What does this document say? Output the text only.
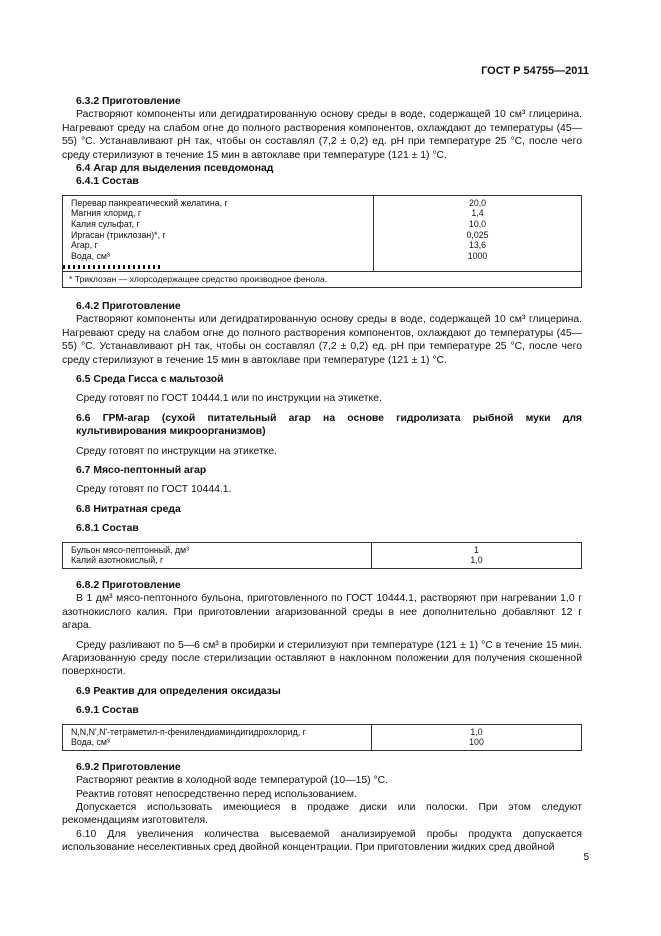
ГОСТ Р 54755—2011

6.3.2 Приготовление

Растворяют компоненты или дегидратированную основу среды в воде, содержащей 10 см³ глицерина. Нагревают среду на слабом огне до полного растворения компонентов, охлаждают до температуры (45—55) °С. Устанавливают рН так, чтобы он составлял (7,2 ± 0,2) ед. рН при температуре 25 °С, после чего среду стерилизуют в течение 15 мин в автоклаве при температуре (121 ± 1) °С.

6.4 Агар для выделения псевдомонад

6.4.1 Состав

Перевар панкреатический желатина, г
Магния хлорид, г
Калия сульфат, г
Иргасан (триклозан)*, г
Агар, г
Вода, см³
20,0
1,4
10,0
0,025
13,6
1000
* Триклозан — хлорсодержащее средство производное фенола.

6.4.2 Приготовление

Растворяют компоненты или дегидратированную основу среды в воде, содержащей 10 см³ глицерина. Нагревают среду на слабом огне до полного растворения компонентов, охлаждают до температуры (45—55) °С. Устанавливают рН так, чтобы он составлял (7,2 ± 0,2) ед. рН при температуре 25 °С, после чего среду стерилизуют в течение 15 мин в автоклаве при температуре (121 ± 1) °С.

6.5 Среда Гисса с мальтозой

Среду готовят по ГОСТ 10444.1 или по инструкции на этикетке.

6.6 ГРМ-агар (сухой питательный агар на основе гидролизата рыбной муки для культивирования микроорганизмов)

Среду готовят по инструкции на этикетке.

6.7 Мясо-пептонный агар

Среду готовят по ГОСТ 10444.1.

6.8 Нитратная среда

6.8.1 Состав

Бульон мясо-пептонный, дм³
Калий азотнокислый, г
1
1,0

6.8.2 Приготовление

В 1 дм³ мясо-пептонного бульона, приготовленного по ГОСТ 10444.1, растворяют при нагревании 1,0 г азотнокислого калия. При приготовлении агаризованной среды в нее дополнительно добавляют 12 г агара.

Среду разливают по 5—6 см³ в пробирки и стерилизуют при температуре (121 ± 1) °С в течение 15 мин. Агаризованную среду после стерилизации оставляют в наклонном положении для получения скошенной поверхности.

6.9 Реактив для определения оксидазы

6.9.1 Состав

N,N,N',N'-тетраметил-п-фенилендиаминдигидрохлорид, г
Вода, см³
1,0
100

6.9.2 Приготовление

Растворяют реактив в холодной воде температурой (10—15) °С.

Реактив готовят непосредственно перед использованием.

Допускается использовать имеющиеся в продаже диски или полоски. При этом следуют рекомендациям изготовителя.

6.10 Для увеличения количества высеваемой анализируемой пробы продукта допускается использование неселективных сред двойной концентрации. При приготовлении жидких сред двойной

5
